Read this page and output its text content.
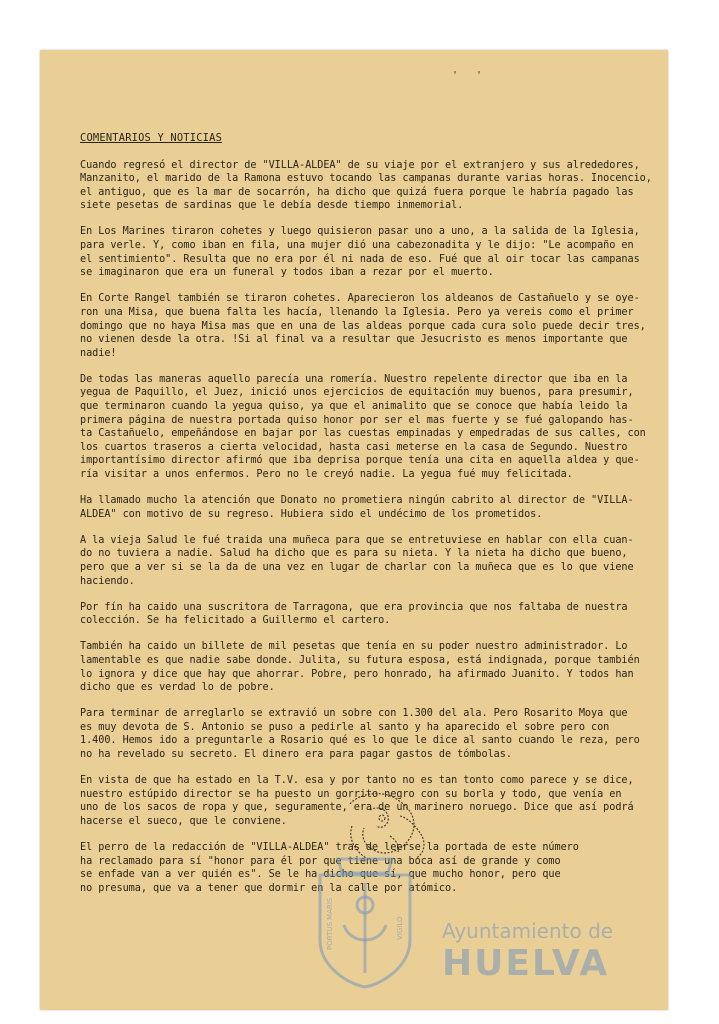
' '
COMENTARIOS Y NOTICIAS
Cuando regresó el director de "VILLA-ALDEA" de su viaje por el extranjero y sus alrededores,
Manzanito, el marido de la Ramona estuvo tocando las campanas durante varias horas. Inocencio,
el antiguo, que es la mar de socarrón, ha dicho que quizá fuera porque le habría pagado las
siete pesetas de sardinas que le debía desde tiempo inmemorial.
En Los Marines tiraron cohetes y luego quisieron pasar uno a uno, a la salida de la Iglesia,
para verle. Y, como iban en fila, una mujer dió una cabezonadita y le dijo: "Le acompaño en
el sentimiento". Resulta que no era por él ni nada de eso. Fué que al oir tocar las campanas
se imaginaron que era un funeral y todos iban a rezar por el muerto.
En Corte Rangel también se tiraron cohetes. Aparecieron los aldeanos de Castañuelo y se oye-
ron una Misa, que buena falta les hacía, llenando la Iglesia. Pero ya vereis como el primer
domingo que no haya Misa mas que en una de las aldeas porque cada cura solo puede decir tres,
no vienen desde la otra. !Si al final va a resultar que Jesucristo es menos importante que
nadie!
De todas las maneras aquello parecía una romería. Nuestro repelente director que iba en la
yegua de Paquillo, el Juez, inició unos ejercicios de equitación muy buenos, para presumir,
que terminaron cuando la yegua quiso, ya que el animalito que se conoce que había leido la
primera página de nuestra portada quiso honor por ser el mas fuerte y se fué galopando has-
ta Castañuelo, empeñándose en bajar por las cuestas empinadas y empedradas de sus calles, con
los cuartos traseros a cierta velocidad, hasta casi meterse en la casa de Segundo. Nuestro
importantísimo director afirmó que iba deprisa porque tenía una cita en aquella aldea y que-
ría visitar a unos enfermos. Pero no le creyó nadie. La yegua fué muy felicitada.
Ha llamado mucho la atención que Donato no prometiera ningún cabrito al director de "VILLA-
ALDEA" con motivo de su regreso. Hubiera sido el undécimo de los prometidos.
A la vieja Salud le fué traida una muñeca para que se entretuviese en hablar con ella cuan-
do no tuviera a nadie. Salud ha dicho que es para su nieta. Y la nieta ha dicho que bueno,
pero que a ver si se la da de una vez en lugar de charlar con la muñeca que es lo que viene
haciendo.
Por fín ha caido una suscritora de Tarragona, que era provincia que nos faltaba de nuestra
colección. Se ha felicitado a Guillermo el cartero.
También ha caido un billete de mil pesetas que tenía en su poder nuestro administrador. Lo
lamentable es que nadie sabe donde. Julita, su futura esposa, está indignada, porque también
lo ignora y dice que hay que ahorrar. Pobre, pero honrado, ha afirmado Juanito. Y todos han
dicho que es verdad lo de pobre.
Para terminar de arreglarlo se extravió un sobre con 1.300 del ala. Pero Rosarito Moya que
es muy devota de S. Antonio se puso a pedirle al santo y ha aparecido el sobre pero con
1.400. Hemos ido a preguntarle a Rosario qué es lo que le dice al santo cuando le reza, pero
no ha revelado su secreto. El dinero era para pagar gastos de tómbolas.
En vista de que ha estado en la T.V. esa y por tanto no es tan tonto como parece y se dice,
nuestro estúpido director se ha puesto un gorrito negro con su borla y todo, que venía en
uno de los sacos de ropa y que, seguramente, era de un marinero noruego. Dice que así podrá
hacerse el sueco, que le conviene.
El perro de la redacción de "VILLA-ALDEA" tras de leerse la portada de este número
ha reclamado para sí "honor para él por que tiene una boca así de grande y como
se enfade van a ver quién es". Se le ha dicho que sí, que mucho honor, pero que
no presuma, que va a tener que dormir en la calle por atómico.
PORTUS MARIS	VIGILO Ayuntamiento de
HUELVA
